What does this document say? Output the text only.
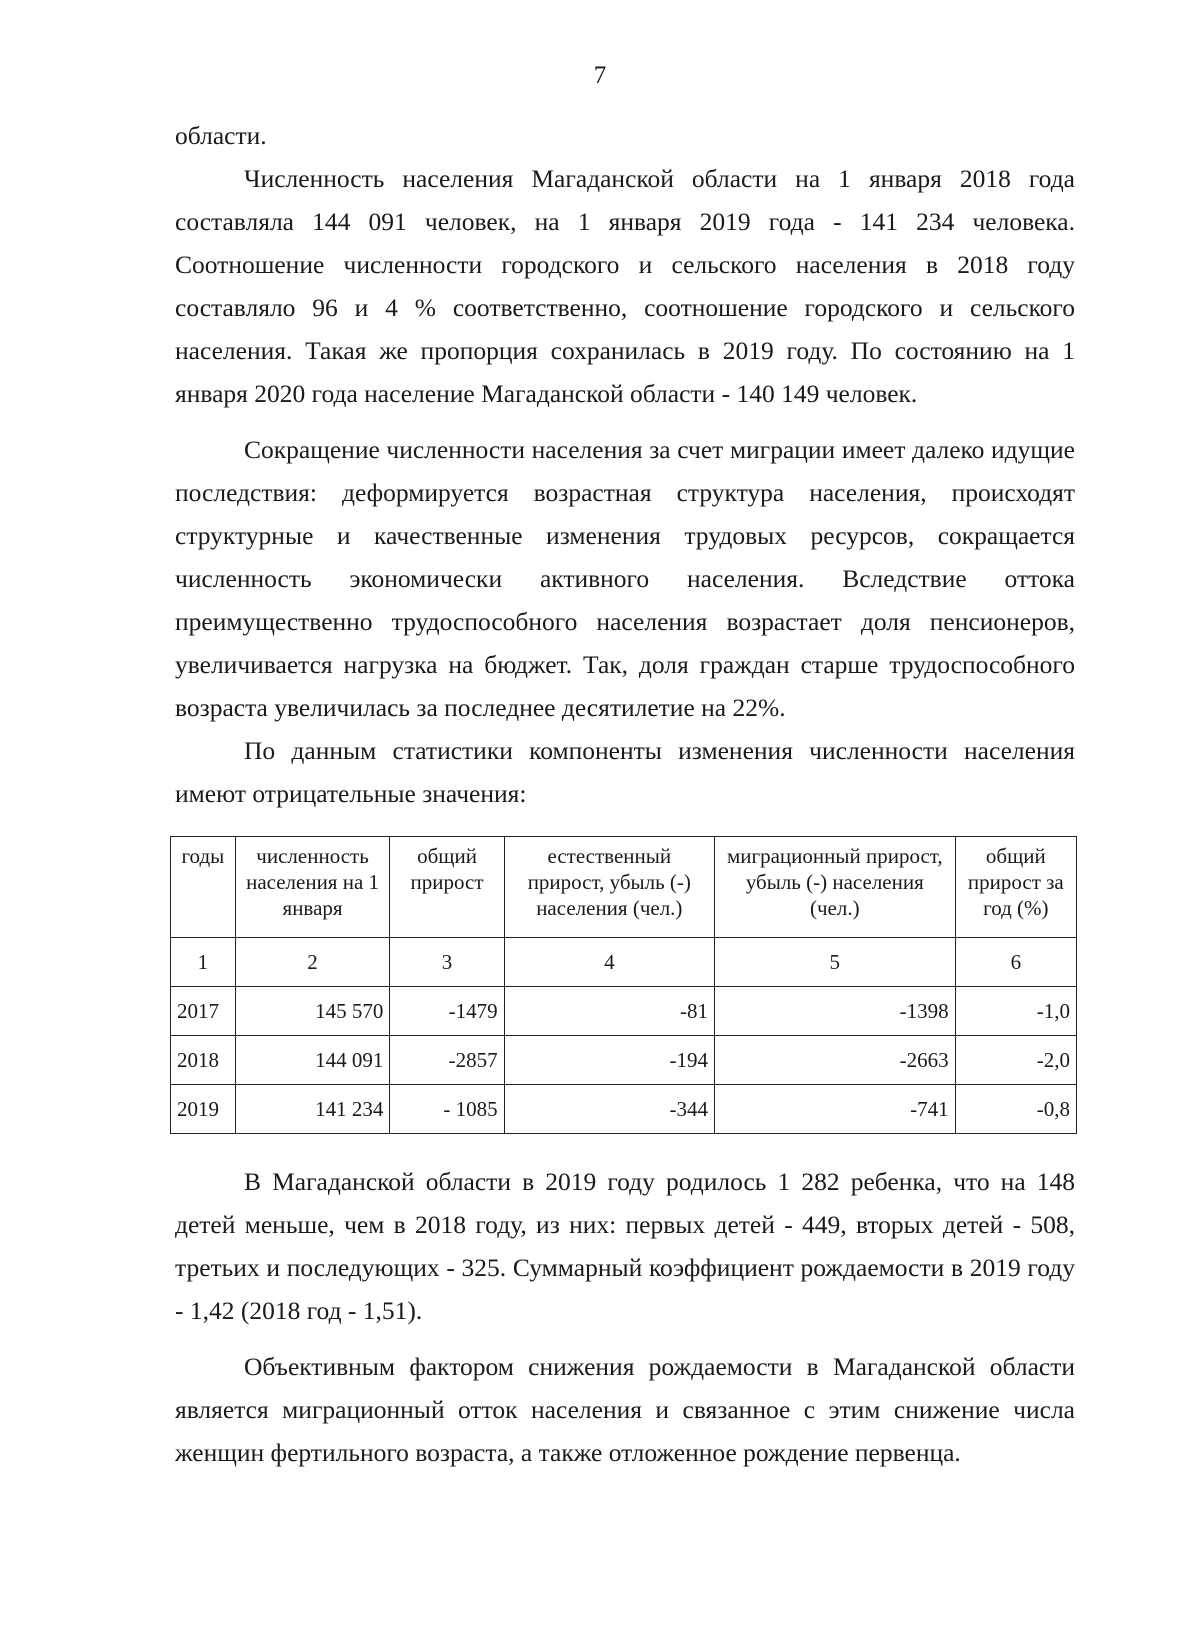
7

области.

Численность населения Магаданской области на 1 января 2018 года составляла 144 091 человек, на 1 января 2019 года - 141 234 человека. Соотношение численности городского и сельского населения в 2018 году составляло 96 и 4 % соответственно, соотношение городского и сельского населения. Такая же пропорция сохранилась в 2019 году. По состоянию на 1 января 2020 года население Магаданской области - 140 149 человек.

Сокращение численности населения за счет миграции имеет далеко идущие последствия: деформируется возрастная структура населения, происходят структурные и качественные изменения трудовых ресурсов, сокращается численность экономически активного населения. Вследствие оттока преимущественно трудоспособного населения возрастает доля пенсионеров, увеличивается нагрузка на бюджет. Так, доля граждан старше трудоспособного возраста увеличилась за последнее десятилетие на 22%.

По данным статистики компоненты изменения численности населения имеют отрицательные значения:

годы	численность населения на 1 января	общий прирост	естественный прирост, убыль (-) населения (чел.)	миграционный прирост, убыль (-) населения (чел.)	общий прирост за год (%)
1	2	3	4	5	6
2017	145 570	-1479	-81	-1398	-1,0
2018	144 091	-2857	-194	-2663	-2,0
2019	141 234	- 1085	-344	-741	-0,8

В Магаданской области в 2019 году родилось 1 282 ребенка, что на 148 детей меньше, чем в 2018 году, из них: первых детей - 449, вторых детей - 508, третьих и последующих - 325. Суммарный коэффициент рождаемости в 2019 году - 1,42 (2018 год - 1,51).

Объективным фактором снижения рождаемости в Магаданской области является миграционный отток населения и связанное с этим снижение числа женщин фертильного возраста, а также отложенное рождение первенца.
